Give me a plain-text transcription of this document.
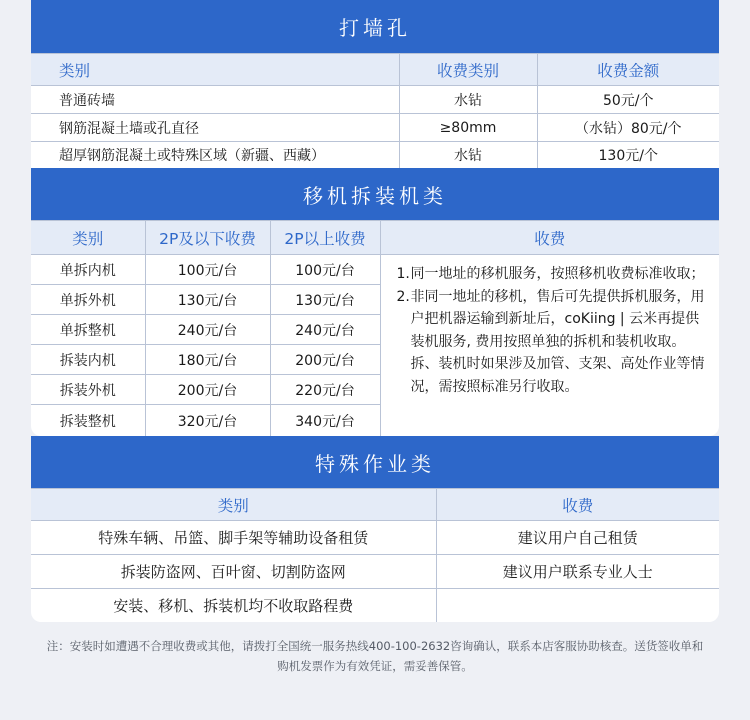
打墙孔
类别	收费类别	收费金额
普通砖墙	水钻	50元/个
钢筋混凝土墙或孔直径	≥80mm	（水钻）80元/个
超厚钢筋混凝土或特殊区域（新疆、西藏）	水钻	130元/个
移机拆装机类
类别	2P及以下收费	2P以上收费	收费
单拆内机	100元/台	100元/台	1. 同一地址的移机服务，按照移机收费标准收取；
2. 非同一地址的移机，售后可先提供拆机服务，用户把机器运输到新址后，coKiing | 云米再提供装机服务, 费用按照单独的拆机和装机收取。拆、装机时如果涉及加管、支架、高处作业等情况，需按照标准另行收取。

单拆外机	130元/台	130元/台	
单拆整机	240元/台	240元/台	
拆装内机	180元/台	200元/台	
拆装外机	200元/台	220元/台	
拆装整机	320元/台	340元/台	
特殊作业类
类别	收费
特殊车辆、吊篮、脚手架等辅助设备租赁	建议用户自己租赁
拆装防盗网、百叶窗、切割防盗网	建议用户联系专业人士
安装、移机、拆装机均不收取路程费	
注：安装时如遭遇不合理收费或其他，请拨打全国统一服务热线400-100-2632咨询确认，联系本店客服协助核查。送货签收单和购机发票作为有效凭证，需妥善保管。
